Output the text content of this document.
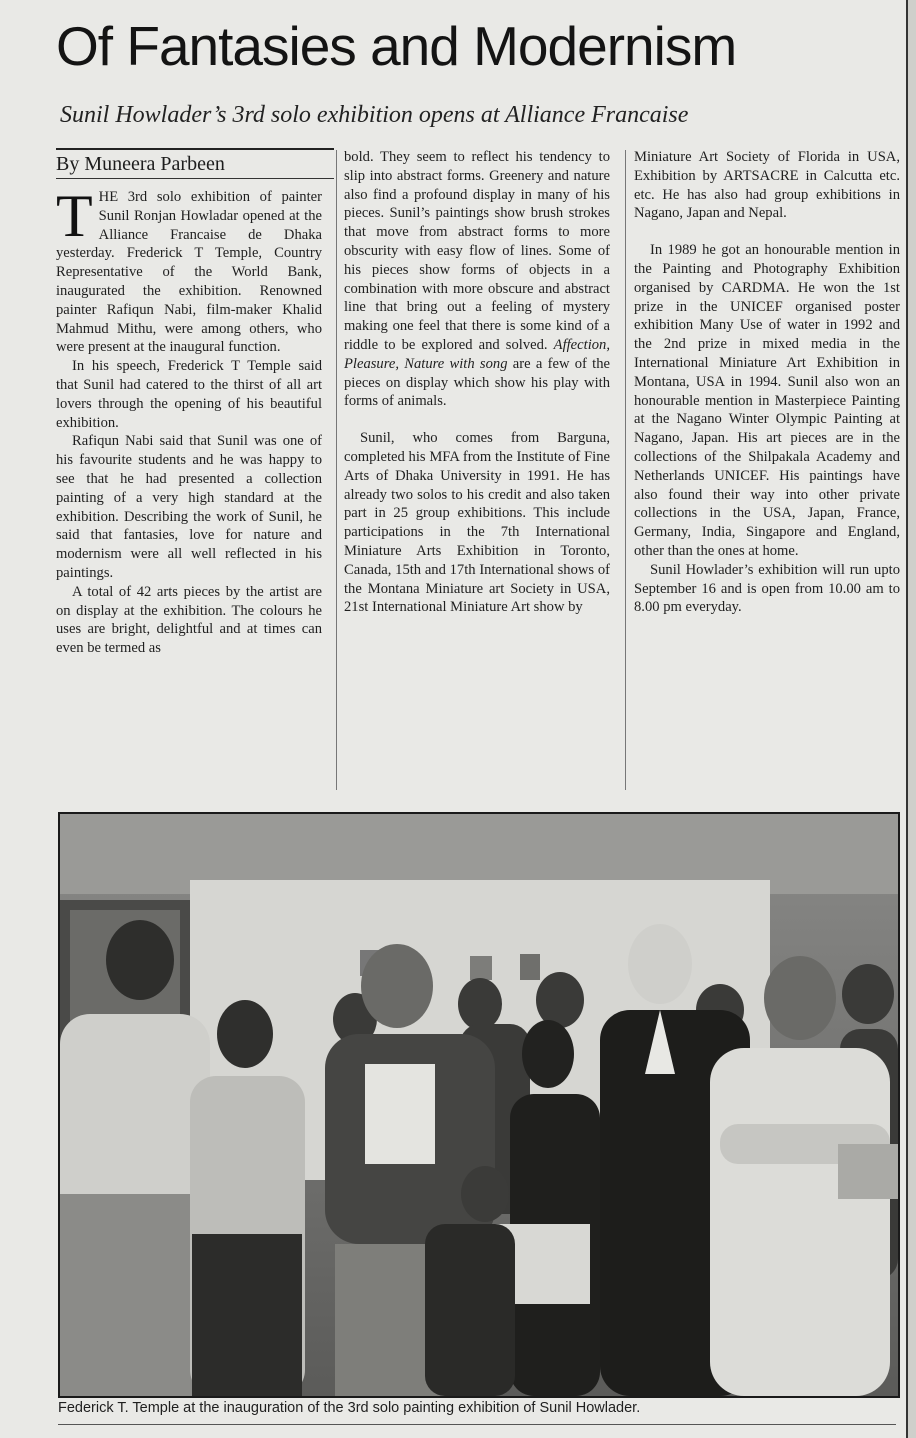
Of Fantasies and Modernism
Sunil Howlader’s 3rd solo exhibition opens at Alliance Francaise
By Muneera Parbeen

THE 3rd solo exhibition of painter Sunil Ronjan Howladar opened at the Alliance Francaise de Dhaka yesterday. Frederick T Temple, Country Representative of the World Bank, inaugurated the exhibition. Renowned painter Rafiqun Nabi, film-maker Khalid Mahmud Mithu, were among others, who were present at the inaugural function.

In his speech, Frederick T Temple said that Sunil had catered to the thirst of all art lovers through the opening of his beautiful exhibition.

Rafiqun Nabi said that Sunil was one of his favourite students and he was happy to see that he had presented a collection painting of a very high standard at the exhibition. Describing the work of Sunil, he said that fantasies, love for nature and modernism were all well reflected in his paintings.

A total of 42 arts pieces by the artist are on display at the exhibition. The colours he uses are bright, delightful and at times can even be termed as

bold. They seem to reflect his tendency to slip into abstract forms. Greenery and nature also find a profound display in many of his pieces. Sunil’s paintings show brush strokes that move from abstract forms to more obscurity with easy flow of lines. Some of his pieces show forms of objects in a combination with more obscure and abstract line that bring out a feeling of mystery making one feel that there is some kind of a riddle to be explored and solved. Affection, Pleasure, Nature with song are a few of the pieces on display which show his play with forms of animals.

Sunil, who comes from Barguna, completed his MFA from the Institute of Fine Arts of Dhaka University in 1991. He has already two solos to his credit and also taken part in 25 group exhibitions. This include participations in the 7th International Miniature Arts Exhibition in Toronto, Canada, 15th and 17th International shows of the Montana Miniature art Society in USA, 21st International Miniature Art show by

Miniature Art Society of Florida in USA, Exhibition by ARTSACRE in Calcutta etc. etc. He has also had group exhibitions in Nagano, Japan and Nepal.

In 1989 he got an honourable mention in the Painting and Photography Exhibition organised by CARDMA. He won the 1st prize in the UNICEF organised poster exhibition Many Use of water in 1992 and the 2nd prize in mixed media in the International Miniature Art Exhibition in Montana, USA in 1994. Sunil also won an honourable mention in Masterpiece Painting at the Nagano Winter Olympic Painting at Nagano, Japan. His art pieces are in the collections of the Shilpakala Academy and Netherlands UNICEF. His paintings have also found their way into other private collections in the USA, Japan, France, Germany, India, Singapore and England, other than the ones at home.

Sunil Howlader’s exhibition will run upto September 16 and is open from 10.00 am to 8.00 pm everyday.

Federick T. Temple at the inauguration of the 3rd solo painting exhibition of Sunil Howlader.
